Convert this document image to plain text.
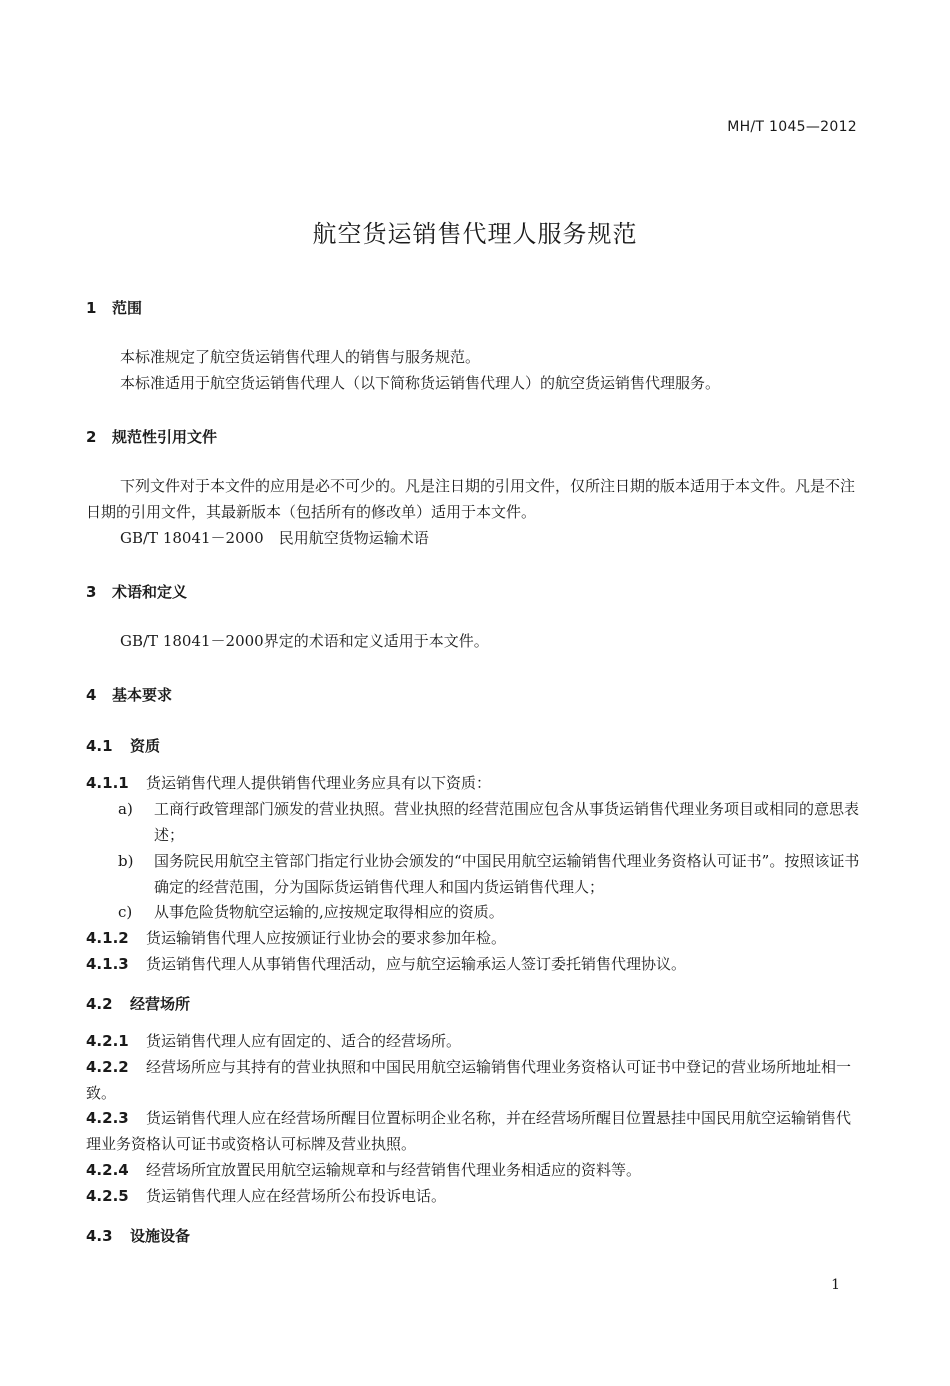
MH/T 1045—2012
航空货运销售代理人服务规范
1 范围
本标准规定了航空货运销售代理人的销售与服务规范。
本标准适用于航空货运销售代理人（以下简称货运销售代理人）的航空货运销售代理服务。
2 规范性引用文件
下列文件对于本文件的应用是必不可少的。凡是注日期的引用文件，仅所注日期的版本适用于本文件。凡是不注日期的引用文件，其最新版本（包括所有的修改单）适用于本文件。
GB/T 18041－2000　民用航空货物运输术语
3 术语和定义
GB/T 18041－2000界定的术语和定义适用于本文件。
4 基本要求
4.1 资质
4.1.1 货运销售代理人提供销售代理业务应具有以下资质：
a) 工商行政管理部门颁发的营业执照。营业执照的经营范围应包含从事货运销售代理业务项目或相同的意思表述；
b) 国务院民用航空主管部门指定行业协会颁发的“中国民用航空运输销售代理业务资格认可证书”。按照该证书确定的经营范围，分为国际货运销售代理人和国内货运销售代理人；
c) 从事危险货物航空运输的,应按规定取得相应的资质。
4.1.2 货运输销售代理人应按颁证行业协会的要求参加年检。
4.1.3 货运销售代理人从事销售代理活动，应与航空运输承运人签订委托销售代理协议。
4.2 经营场所
4.2.1 货运销售代理人应有固定的、适合的经营场所。
4.2.2 经营场所应与其持有的营业执照和中国民用航空运输销售代理业务资格认可证书中登记的营业场所地址相一致。
4.2.3 货运销售代理人应在经营场所醒目位置标明企业名称，并在经营场所醒目位置悬挂中国民用航空运输销售代理业务资格认可证书或资格认可标牌及营业执照。
4.2.4 经营场所宜放置民用航空运输规章和与经营销售代理业务相适应的资料等。
4.2.5 货运销售代理人应在经营场所公布投诉电话。
4.3 设施设备
1
